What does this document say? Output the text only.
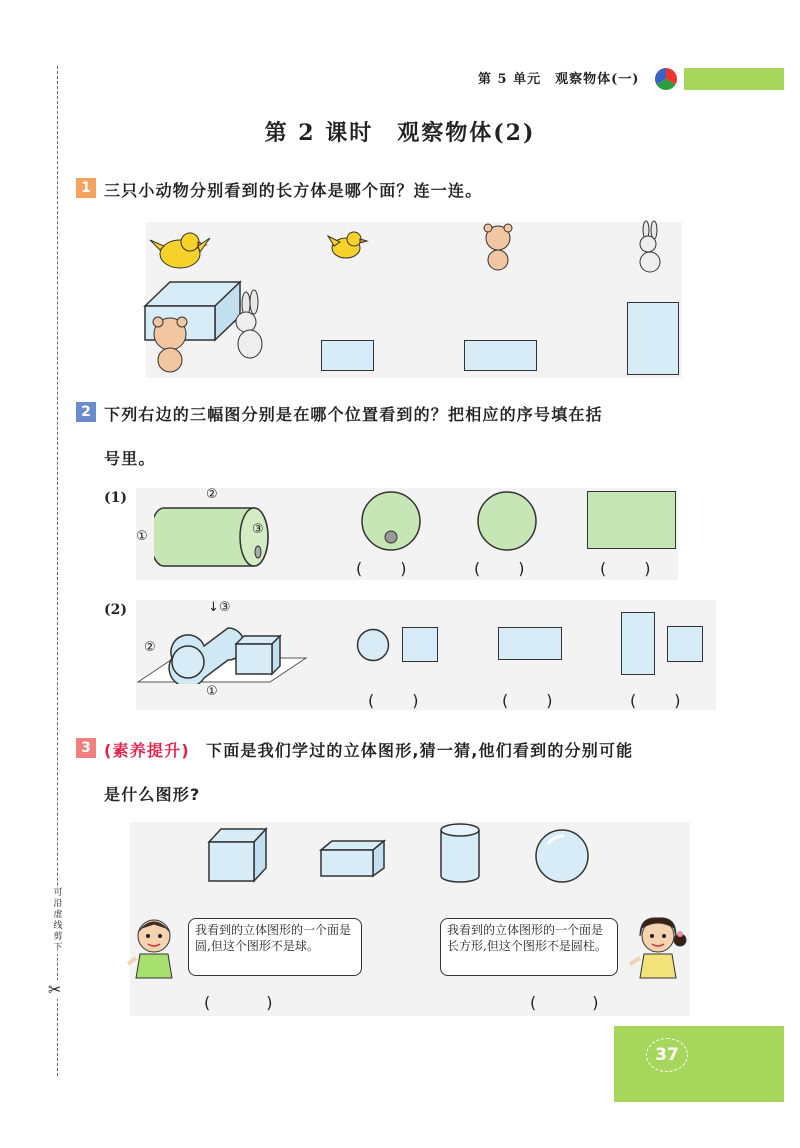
可沿虚线剪下
✂
第 5 单元　观察物体(一)
第 2 课时　观察物体(2)
1 三只小动物分别看到的长方体是哪个面？连一连。
2 下列右边的三幅图分别是在哪个位置看到的？把相应的序号填在括
号里。
(1)	②
①	③
(　　)	(　　)	(　　)
(2)	↓③
②
①	(　　)	(　　)	(　　)
3 (素养提升) 下面是我们学过的立体图形,猜一猜,他们看到的分别可能
是什么图形?
我看到的立体图形的一个面是圆,但这个图形不是球。
我看到的立体图形的一个面是长方形,但这个图形不是圆柱。
(　　　)	(　　　)
37
